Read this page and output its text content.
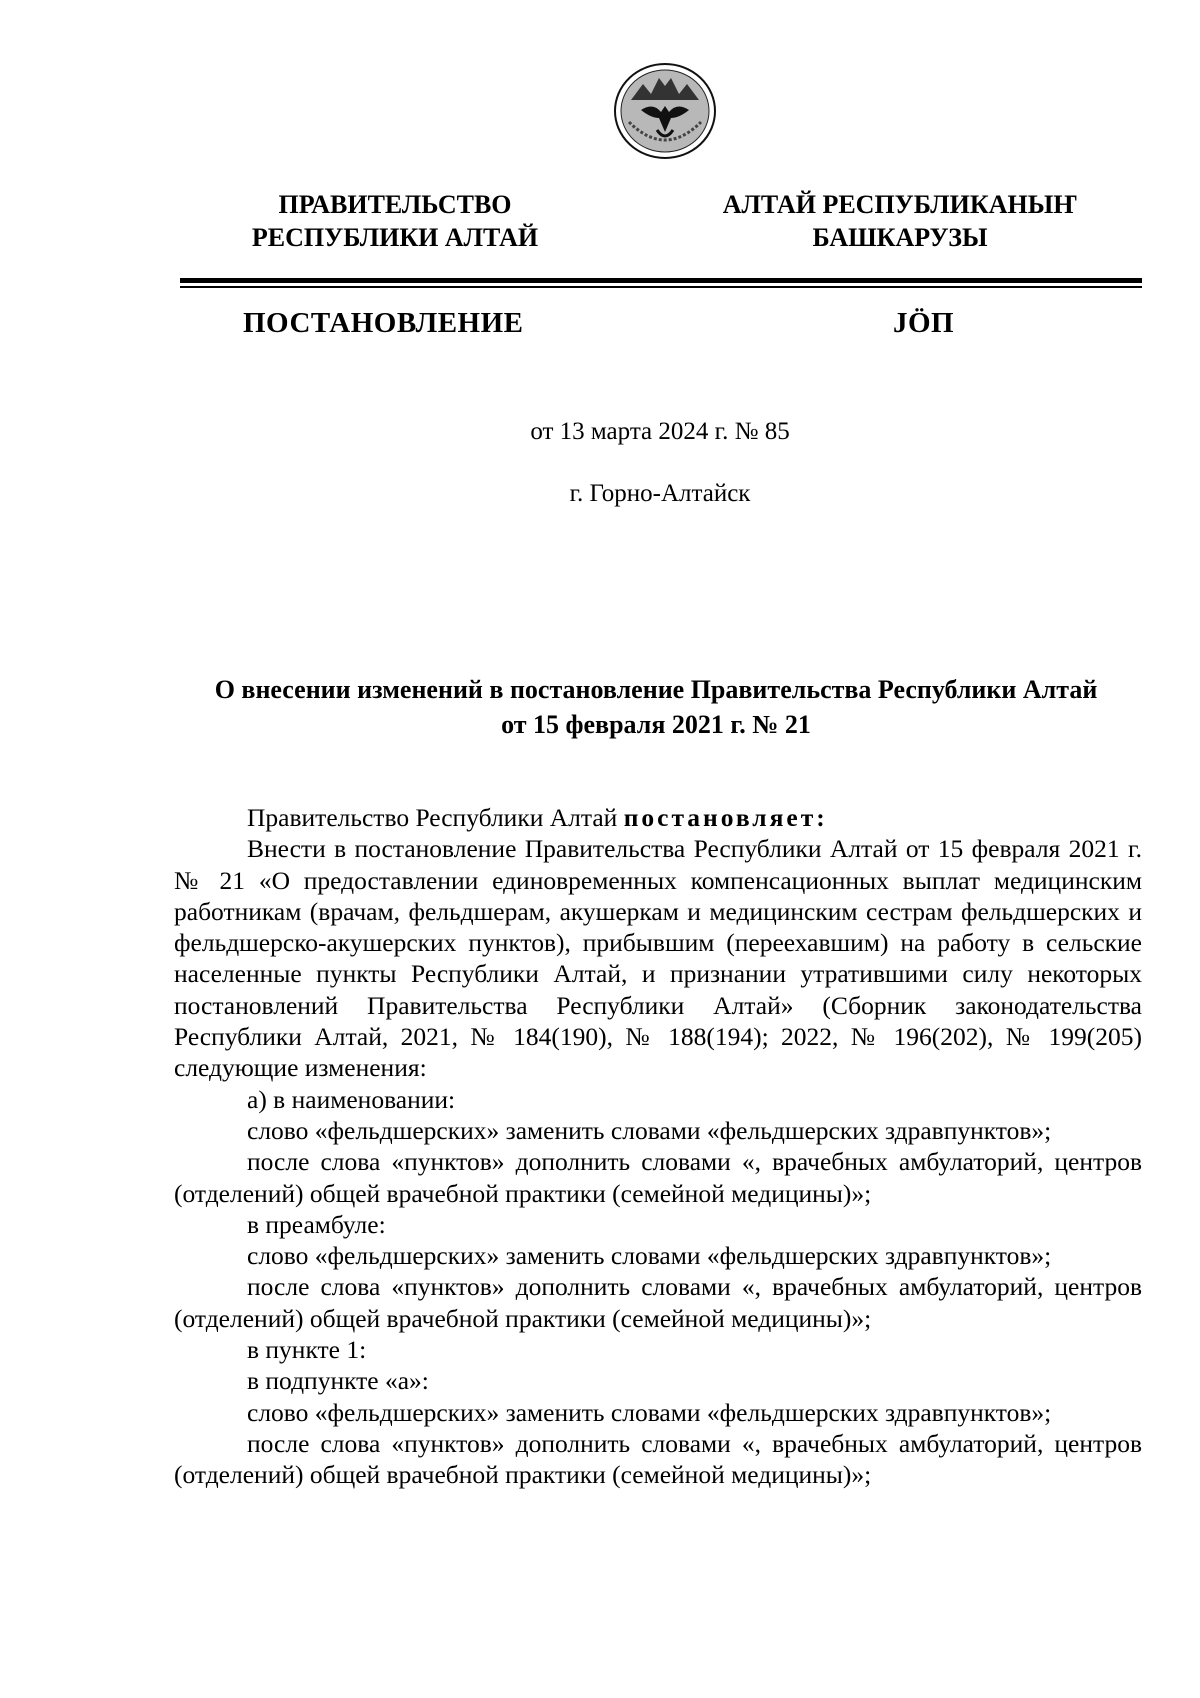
ПРАВИТЕЛЬСТВО
РЕСПУБЛИКИ АЛТАЙ
АЛТАЙ РЕСПУБЛИКАНЫҤ
БАШКАРУЗЫ
ПОСТАНОВЛЕНИЕ	JÖП
от 13 марта 2024 г. № 85
г. Горно-Алтайск
О внесении изменений в постановление Правительства Республики Алтай
от 15 февраля 2021 г. № 21

Правительство Республики Алтай постановляет:

Внести в постановление Правительства Республики Алтай от 15 февраля 2021 г. № 21 «О предоставлении единовременных компенсационных выплат медицинским работникам (врачам, фельдшерам, акушеркам и медицинским сестрам фельдшерских и фельдшерско-акушерских пунктов), прибывшим (переехавшим) на работу в сельские населенные пункты Республики Алтай, и признании утратившими силу некоторых постановлений Правительства Республики Алтай» (Сборник законодательства Республики Алтай, 2021, № 184(190), № 188(194); 2022, № 196(202), № 199(205) следующие изменения:

а) в наименовании:

слово «фельдшерских» заменить словами «фельдшерских здравпунктов»;

после слова «пунктов» дополнить словами «, врачебных амбулаторий, центров (отделений) общей врачебной практики (семейной медицины)»;

в преамбуле:

слово «фельдшерских» заменить словами «фельдшерских здравпунктов»;

после слова «пунктов» дополнить словами «, врачебных амбулаторий, центров (отделений) общей врачебной практики (семейной медицины)»;

в пункте 1:

в подпункте «а»:

слово «фельдшерских» заменить словами «фельдшерских здравпунктов»;

после слова «пунктов» дополнить словами «, врачебных амбулаторий, центров (отделений) общей врачебной практики (семейной медицины)»;
